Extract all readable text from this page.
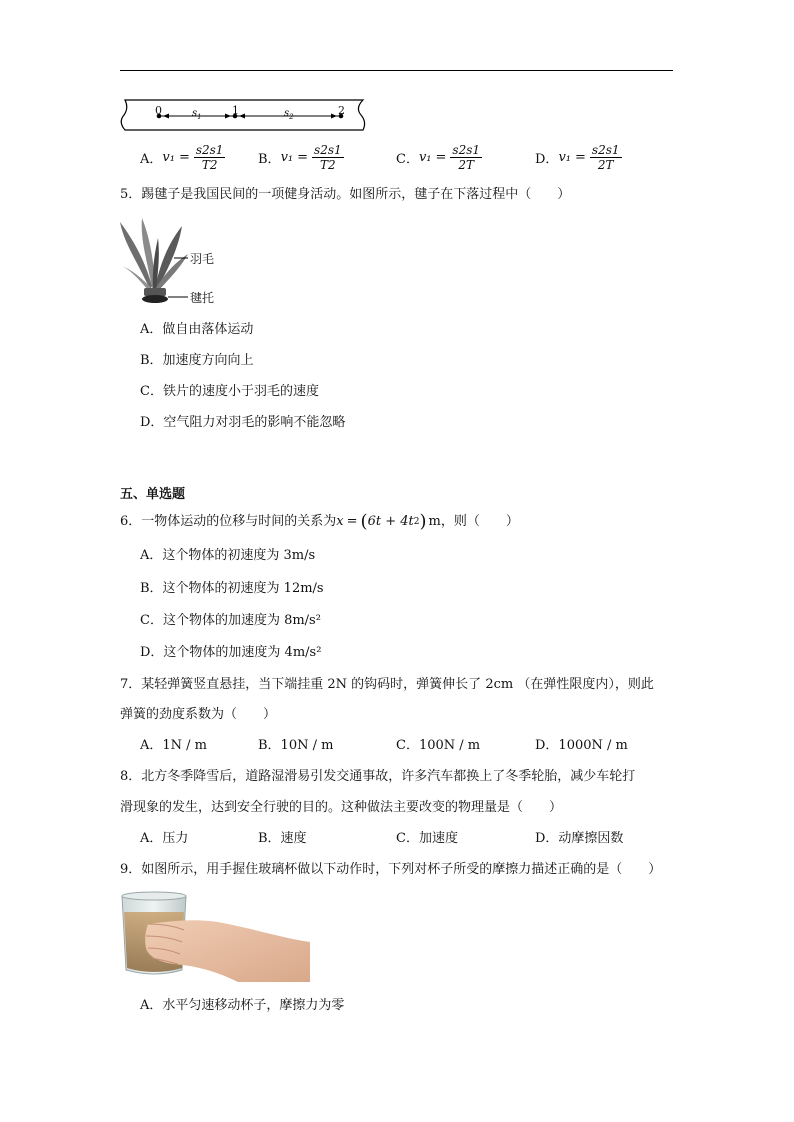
0	1	2
$s_1$	$s_2$
A． $v_1 = \frac{s2s1}{T2}$	B． $v_1 = \frac{s2s1}{T2}$	C． $v_1 = \frac{s2s1}{2T}$	D． $v_1 = \frac{s2s1}{2T}$
5．踢毽子是我国民间的一项健身活动。如图所示，毽子在下落过程中（　　）
羽毛
毽托
A．做自由落体运动
B．加速度方向向上
C．铁片的速度小于羽毛的速度
D．空气阻力对羽毛的影响不能忽略
五、单选题
6．一物体运动的位移与时间的关系为 x = ( 6t + 4t 2 ) m ，则（　　）
A．这个物体的初速度为 3m/s
B．这个物体的初速度为 12m/s
C．这个物体的加速度为 8m/s²
D．这个物体的加速度为 4m/s²
7．某轻弹簧竖直悬挂，当下端挂重 2N 的钩码时，弹簧伸长了 2cm （在弹性限度内），则此
弹簧的劲度系数为（　　）
A．1N / m	B．10N / m	C．100N / m	D．1000N / m
8．北方冬季降雪后，道路湿滑易引发交通事故，许多汽车都换上了冬季轮胎，减少车轮打
滑现象的发生，达到安全行驶的目的。这种做法主要改变的物理量是（　　）
A．压力	B．速度	C．加速度	D．动摩擦因数
9．如图所示，用手握住玻璃杯做以下动作时，下列对杯子所受的摩擦力描述正确的是（　　）
A．水平匀速移动杯子，摩擦力为零
